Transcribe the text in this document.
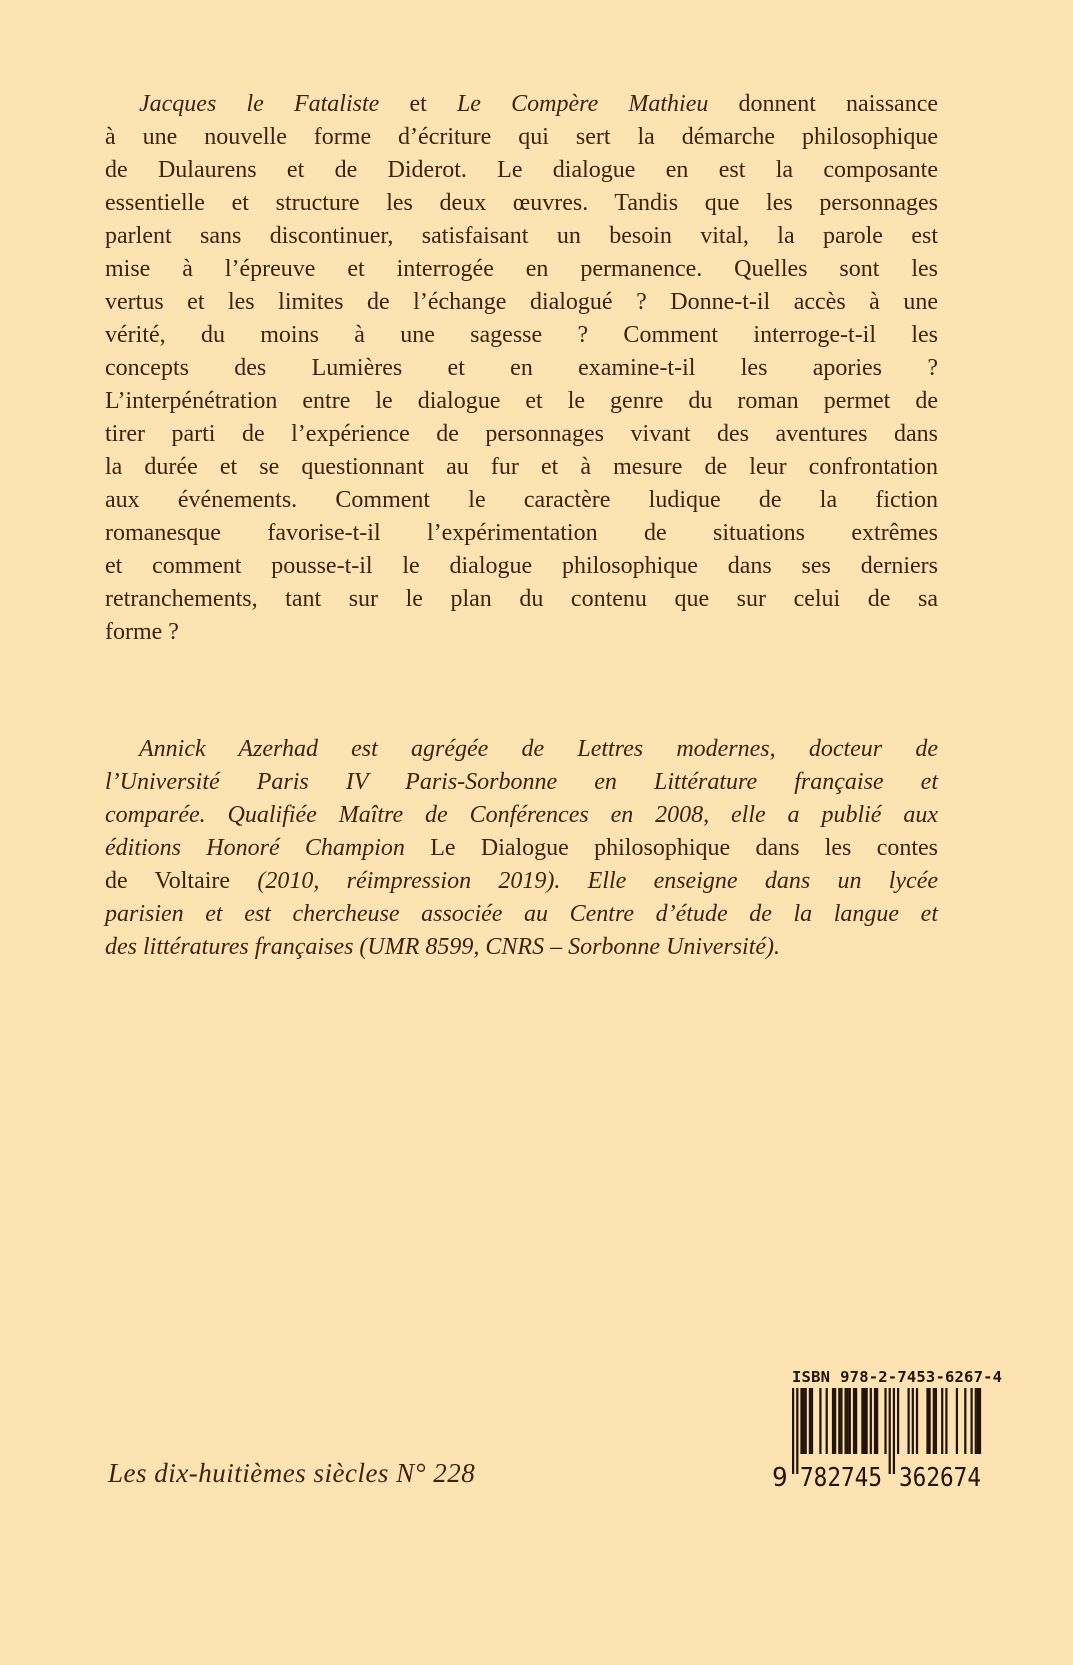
Jacques le Fataliste et Le Compère Mathieu donnent naissance
à une nouvelle forme d’écriture qui sert la démarche philosophique
de Dulaurens et de Diderot. Le dialogue en est la composante
essentielle et structure les deux œuvres. Tandis que les personnages
parlent sans discontinuer, satisfaisant un besoin vital, la parole est
mise à l’épreuve et interrogée en permanence. Quelles sont les
vertus et les limites de l’échange dialogué ? Donne-t-il accès à une
vérité, du moins à une sagesse ? Comment interroge-t-il les
concepts des Lumières et en examine-t-il les apories ?
L’interpénétration entre le dialogue et le genre du roman permet de
tirer parti de l’expérience de personnages vivant des aventures dans
la durée et se questionnant au fur et à mesure de leur confrontation
aux événements. Comment le caractère ludique de la fiction
romanesque favorise-t-il l’expérimentation de situations extrêmes
et comment pousse-t-il le dialogue philosophique dans ses derniers
retranchements, tant sur le plan du contenu que sur celui de sa
forme ?
Annick Azerhad est agrégée de Lettres modernes, docteur de
l’Université Paris IV Paris-Sorbonne en Littérature française et
comparée. Qualifiée Maître de Conférences en 2008, elle a publié aux
éditions Honoré Champion Le Dialogue philosophique dans les contes
de Voltaire (2010, réimpression 2019). Elle enseigne dans un lycée
parisien et est chercheuse associée au Centre d’étude de la langue et
des littératures françaises (UMR 8599, CNRS – Sorbonne Université).
Les dix-huitièmes siècles N° 228
ISBN 978-2-7453-6267-4
9 782745 362674
